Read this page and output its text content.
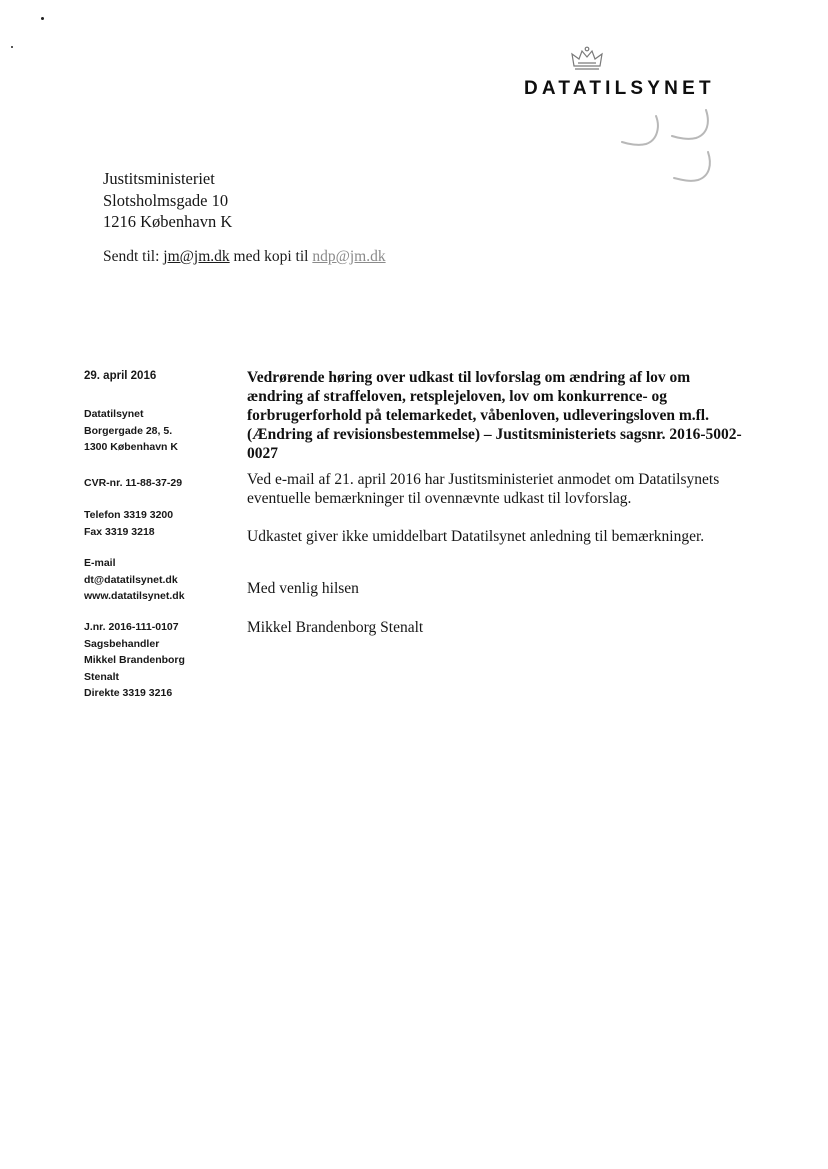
DATATILSYNET
Justitsministeriet
Slotsholmsgade 10
1216 København K
Sendt til: jm@jm.dk med kopi til ndp@jm.dk
29. april 2016
Datatilsynet
Borgergade 28, 5.
1300 København K
CVR-nr. 11-88-37-29
Telefon 3319 3200
Fax 3319 3218
E-mail
dt@datatilsynet.dk
www.datatilsynet.dk
J.nr. 2016-111-0107
Sagsbehandler
Mikkel Brandenborg
Stenalt
Direkte 3319 3216
Vedrørende høring over udkast til lovforslag om ændring af lov om ændring af straffeloven, retsplejeloven, lov om konkurrence- og forbrugerforhold på telemarkedet, våbenloven, udleveringsloven m.fl. (Ændring af revisionsbestemmelse) – Justitsministeriets sagsnr. 2016-5002-0027
Ved e-mail af 21. april 2016 har Justitsministeriet anmodet om Datatilsynets eventuelle bemærkninger til ovennævnte udkast til lovforslag.
Udkastet giver ikke umiddelbart Datatilsynet anledning til bemærkninger.
Med venlig hilsen
Mikkel Brandenborg Stenalt
